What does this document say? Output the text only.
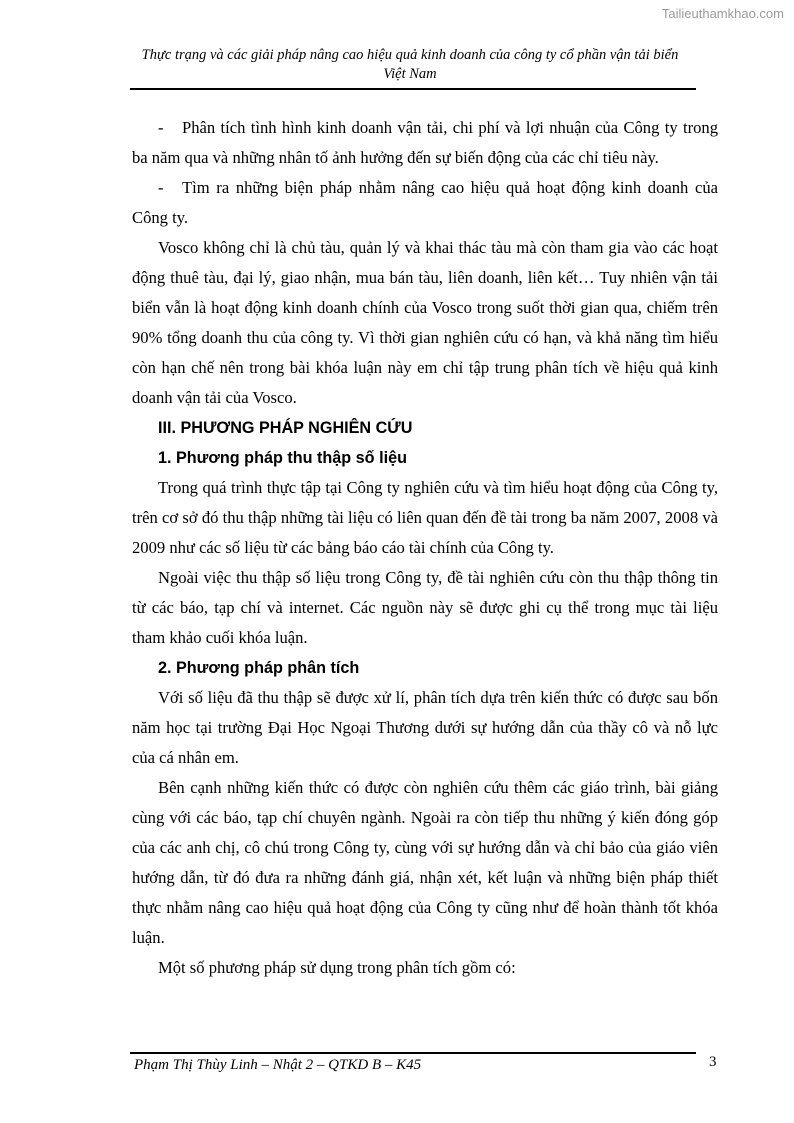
Tailieuthamkhao.com
Thực trạng và các giải pháp nâng cao hiệu quả kinh doanh của công ty cổ phần vận tải biển Việt Nam

- Phân tích tình hình kinh doanh vận tải, chi phí và lợi nhuận của Công ty trong ba năm qua và những nhân tố ảnh hưởng đến sự biến động của các chỉ tiêu này.

- Tìm ra những biện pháp nhằm nâng cao hiệu quả hoạt động kinh doanh của Công ty.

Vosco không chỉ là chủ tàu, quản lý và khai thác tàu mà còn tham gia vào các hoạt động thuê tàu, đại lý, giao nhận, mua bán tàu, liên doanh, liên kết… Tuy nhiên vận tải biển vẫn là hoạt động kinh doanh chính của Vosco trong suốt thời gian qua, chiếm trên 90% tổng doanh thu của công ty. Vì thời gian nghiên cứu có hạn, và khả năng tìm hiểu còn hạn chế nên trong bài khóa luận này em chỉ tập trung phân tích về hiệu quả kinh doanh vận tải của Vosco.

III. PHƯƠNG PHÁP NGHIÊN CỨU
1. Phương pháp thu thập số liệu

Trong quá trình thực tập tại Công ty nghiên cứu và tìm hiểu hoạt động của Công ty, trên cơ sở đó thu thập những tài liệu có liên quan đến đề tài trong ba năm 2007, 2008 và 2009 như các số liệu từ các bảng báo cáo tài chính của Công ty.

Ngoài việc thu thập số liệu trong Công ty, đề tài nghiên cứu còn thu thập thông tin từ các báo, tạp chí và internet. Các nguồn này sẽ được ghi cụ thể trong mục tài liệu tham khảo cuối khóa luận.

2. Phương pháp phân tích

Với số liệu đã thu thập sẽ được xử lí, phân tích dựa trên kiến thức có được sau bốn năm học tại trường Đại Học Ngoại Thương dưới sự hướng dẫn của thầy cô và nỗ lực của cá nhân em.

Bên cạnh những kiến thức có được còn nghiên cứu thêm các giáo trình, bài giảng cùng với các báo, tạp chí chuyên ngành. Ngoài ra còn tiếp thu những ý kiến đóng góp của các anh chị, cô chú trong Công ty, cùng với sự hướng dẫn và chỉ bảo của giáo viên hướng dẫn, từ đó đưa ra những đánh giá, nhận xét, kết luận và những biện pháp thiết thực nhằm nâng cao hiệu quả hoạt động của Công ty cũng như để hoàn thành tốt khóa luận.

Một số phương pháp sử dụng trong phân tích gồm có:

Phạm Thị Thùy Linh – Nhật 2 – QTKD B – K45	3
